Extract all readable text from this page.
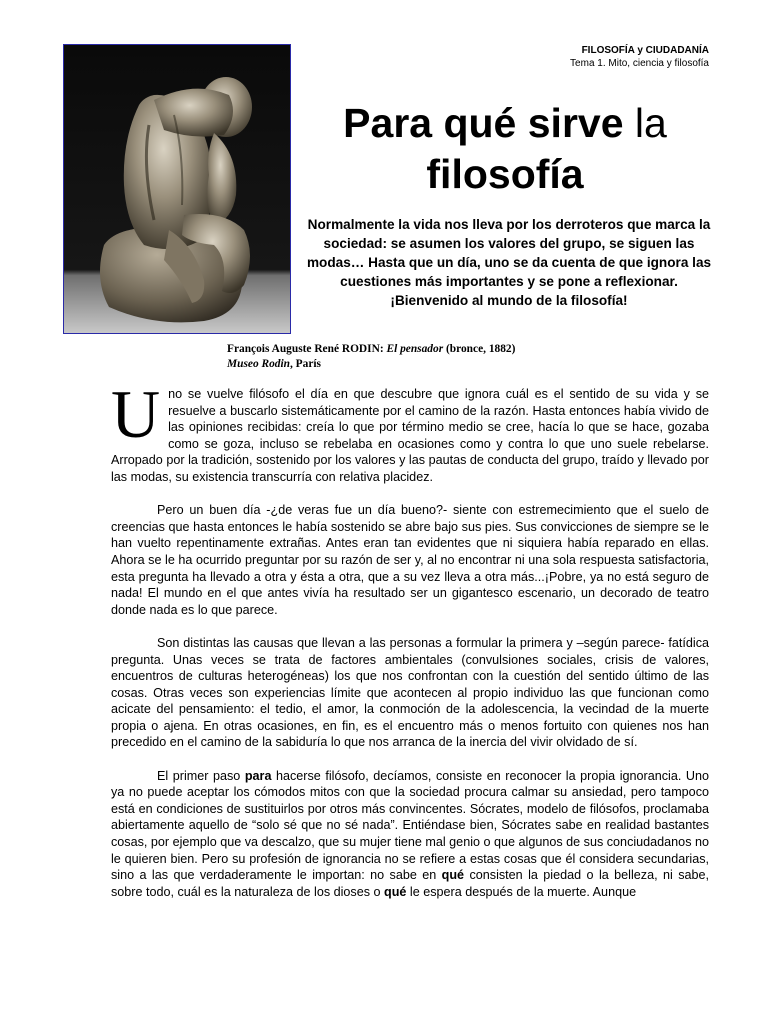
FILOSOFÍA y CIUDADANÍA
Tema 1. Mito, ciencia y filosofía
Para qué sirve la
filosofía

Normalmente la vida nos lleva por los derroteros que marca la sociedad: se asumen los valores del grupo, se siguen las modas… Hasta que un día, uno se da cuenta de que ignora las cuestiones más importantes y se pone a reflexionar. ¡Bienvenido al mundo de la filosofía!

François Auguste René RODIN: El pensador (bronce, 1882)
Museo Rodin, París

Uno se vuelve filósofo el día en que descubre que ignora cuál es el sentido de su vida y se resuelve a buscarlo sistemáticamente por el camino de la razón. Hasta entonces había vivido de las opiniones recibidas: creía lo que por término medio se cree, hacía lo que se hace, gozaba como se goza, incluso se rebelaba en ocasiones como y contra lo que uno suele rebelarse. Arropado por la tradición, sostenido por los valores y las pautas de conducta del grupo, traído y llevado por las modas, su existencia transcurría con relativa placidez.

Pero un buen día -¿de veras fue un día bueno?- siente con estremecimiento que el suelo de creencias que hasta entonces le había sostenido se abre bajo sus pies. Sus convicciones de siempre se le han vuelto repentinamente extrañas. Antes eran tan evidentes que ni siquiera había reparado en ellas. Ahora se le ha ocurrido preguntar por su razón de ser y, al no encontrar ni una sola respuesta satisfactoria, esta pregunta ha llevado a otra y ésta a otra, que a su vez lleva a otra más...¡Pobre, ya no está seguro de nada! El mundo en el que antes vivía ha resultado ser un gigantesco escenario, un decorado de teatro donde nada es lo que parece.

Son distintas las causas que llevan a las personas a formular la primera y –según parece- fatídica pregunta. Unas veces se trata de factores ambientales (convulsiones sociales, crisis de valores, encuentros de culturas heterogéneas) los que nos confrontan con la cuestión del sentido último de las cosas. Otras veces son experiencias límite que acontecen al propio individuo las que funcionan como acicate del pensamiento: el tedio, el amor, la conmoción de la adolescencia, la vecindad de la muerte propia o ajena. En otras ocasiones, en fin, es el encuentro más o menos fortuito con quienes nos han precedido en el camino de la sabiduría lo que nos arranca de la inercia del vivir olvidado de sí.

El primer paso para hacerse filósofo, decíamos, consiste en reconocer la propia ignorancia. Uno ya no puede aceptar los cómodos mitos con que la sociedad procura calmar su ansiedad, pero tampoco está en condiciones de sustituirlos por otros más convincentes. Sócrates, modelo de filósofos, proclamaba abiertamente aquello de “solo sé que no sé nada”. Entiéndase bien, Sócrates sabe en realidad bastantes cosas, por ejemplo que va descalzo, que su mujer tiene mal genio o que algunos de sus conciudadanos no le quieren bien. Pero su profesión de ignorancia no se refiere a estas cosas que él considera secundarias, sino a las que verdaderamente le importan: no sabe en qué consisten la piedad o la belleza, ni sabe, sobre todo, cuál es la naturaleza de los dioses o qué le espera después de la muerte. Aunque
